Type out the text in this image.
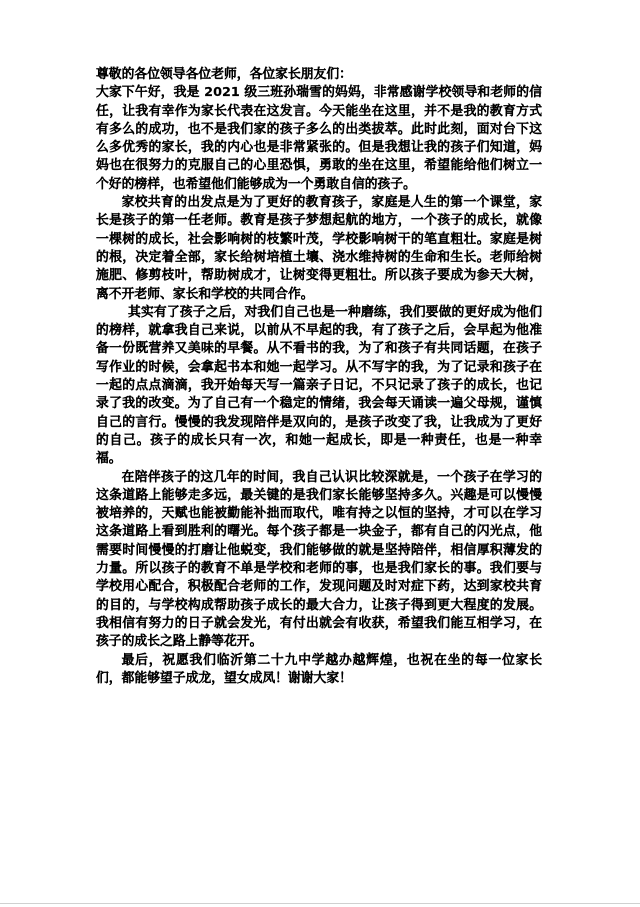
尊敬的各位领导各位老师，各位家长朋友们：

大家下午好，我是 2021 级三班孙瑞雪的妈妈，非常感谢学校领导和老师的信任，让我有幸作为家长代表在这发言。今天能坐在这里，并不是我的教育方式有多么的成功，也不是我们家的孩子多么的出类拔萃。此时此刻，面对台下这么多优秀的家长，我的内心也是非常紧张的。但是我想让我的孩子们知道，妈妈也在很努力的克服自己的心里恐惧，勇敢的坐在这里，希望能给他们树立一个好的榜样，也希望他们能够成为一个勇敢自信的孩子。

家校共育的出发点是为了更好的教育孩子，家庭是人生的第一个课堂，家长是孩子的第一任老师。教育是孩子梦想起航的地方，一个孩子的成长，就像一棵树的成长，社会影响树的枝繁叶茂，学校影响树干的笔直粗壮。家庭是树的根，决定着全部，家长给树培植土壤、浇水维持树的生命和生长。老师给树施肥、修剪枝叶，帮助树成才，让树变得更粗壮。所以孩子要成为参天大树，离不开老师、家长和学校的共同合作。

其实有了孩子之后，对我们自己也是一种磨练，我们要做的更好成为他们的榜样，就拿我自己来说，以前从不早起的我，有了孩子之后，会早起为他准备一份既营养又美味的早餐。从不看书的我，为了和孩子有共同话题，在孩子写作业的时候，会拿起书本和她一起学习。从不写字的我，为了记录和孩子在一起的点点滴滴，我开始每天写一篇亲子日记，不只记录了孩子的成长，也记录了我的改变。为了自己有一个稳定的情绪，我会每天诵读一遍父母规，谨慎自己的言行。慢慢的我发现陪伴是双向的，是孩子改变了我，让我成为了更好的自己。孩子的成长只有一次，和她一起成长，即是一种责任，也是一种幸福。

在陪伴孩子的这几年的时间，我自己认识比较深就是，一个孩子在学习的这条道路上能够走多远，最关键的是我们家长能够坚持多久。兴趣是可以慢慢被培养的，天赋也能被勤能补拙而取代，唯有持之以恒的坚持，才可以在学习这条道路上看到胜利的曙光。每个孩子都是一块金子，都有自己的闪光点，他需要时间慢慢的打磨让他蜕变，我们能够做的就是坚持陪伴，相信厚积薄发的力量。所以孩子的教育不单是学校和老师的事，也是我们家长的事。我们要与学校用心配合，积极配合老师的工作，发现问题及时对症下药，达到家校共育的目的，与学校构成帮助孩子成长的最大合力，让孩子得到更大程度的发展。我相信有努力的日子就会发光，有付出就会有收获，希望我们能互相学习，在孩子的成长之路上静等花开。

最后，祝愿我们临沂第二十九中学越办越辉煌，也祝在坐的每一位家长们，都能够望子成龙，望女成凤！谢谢大家！
